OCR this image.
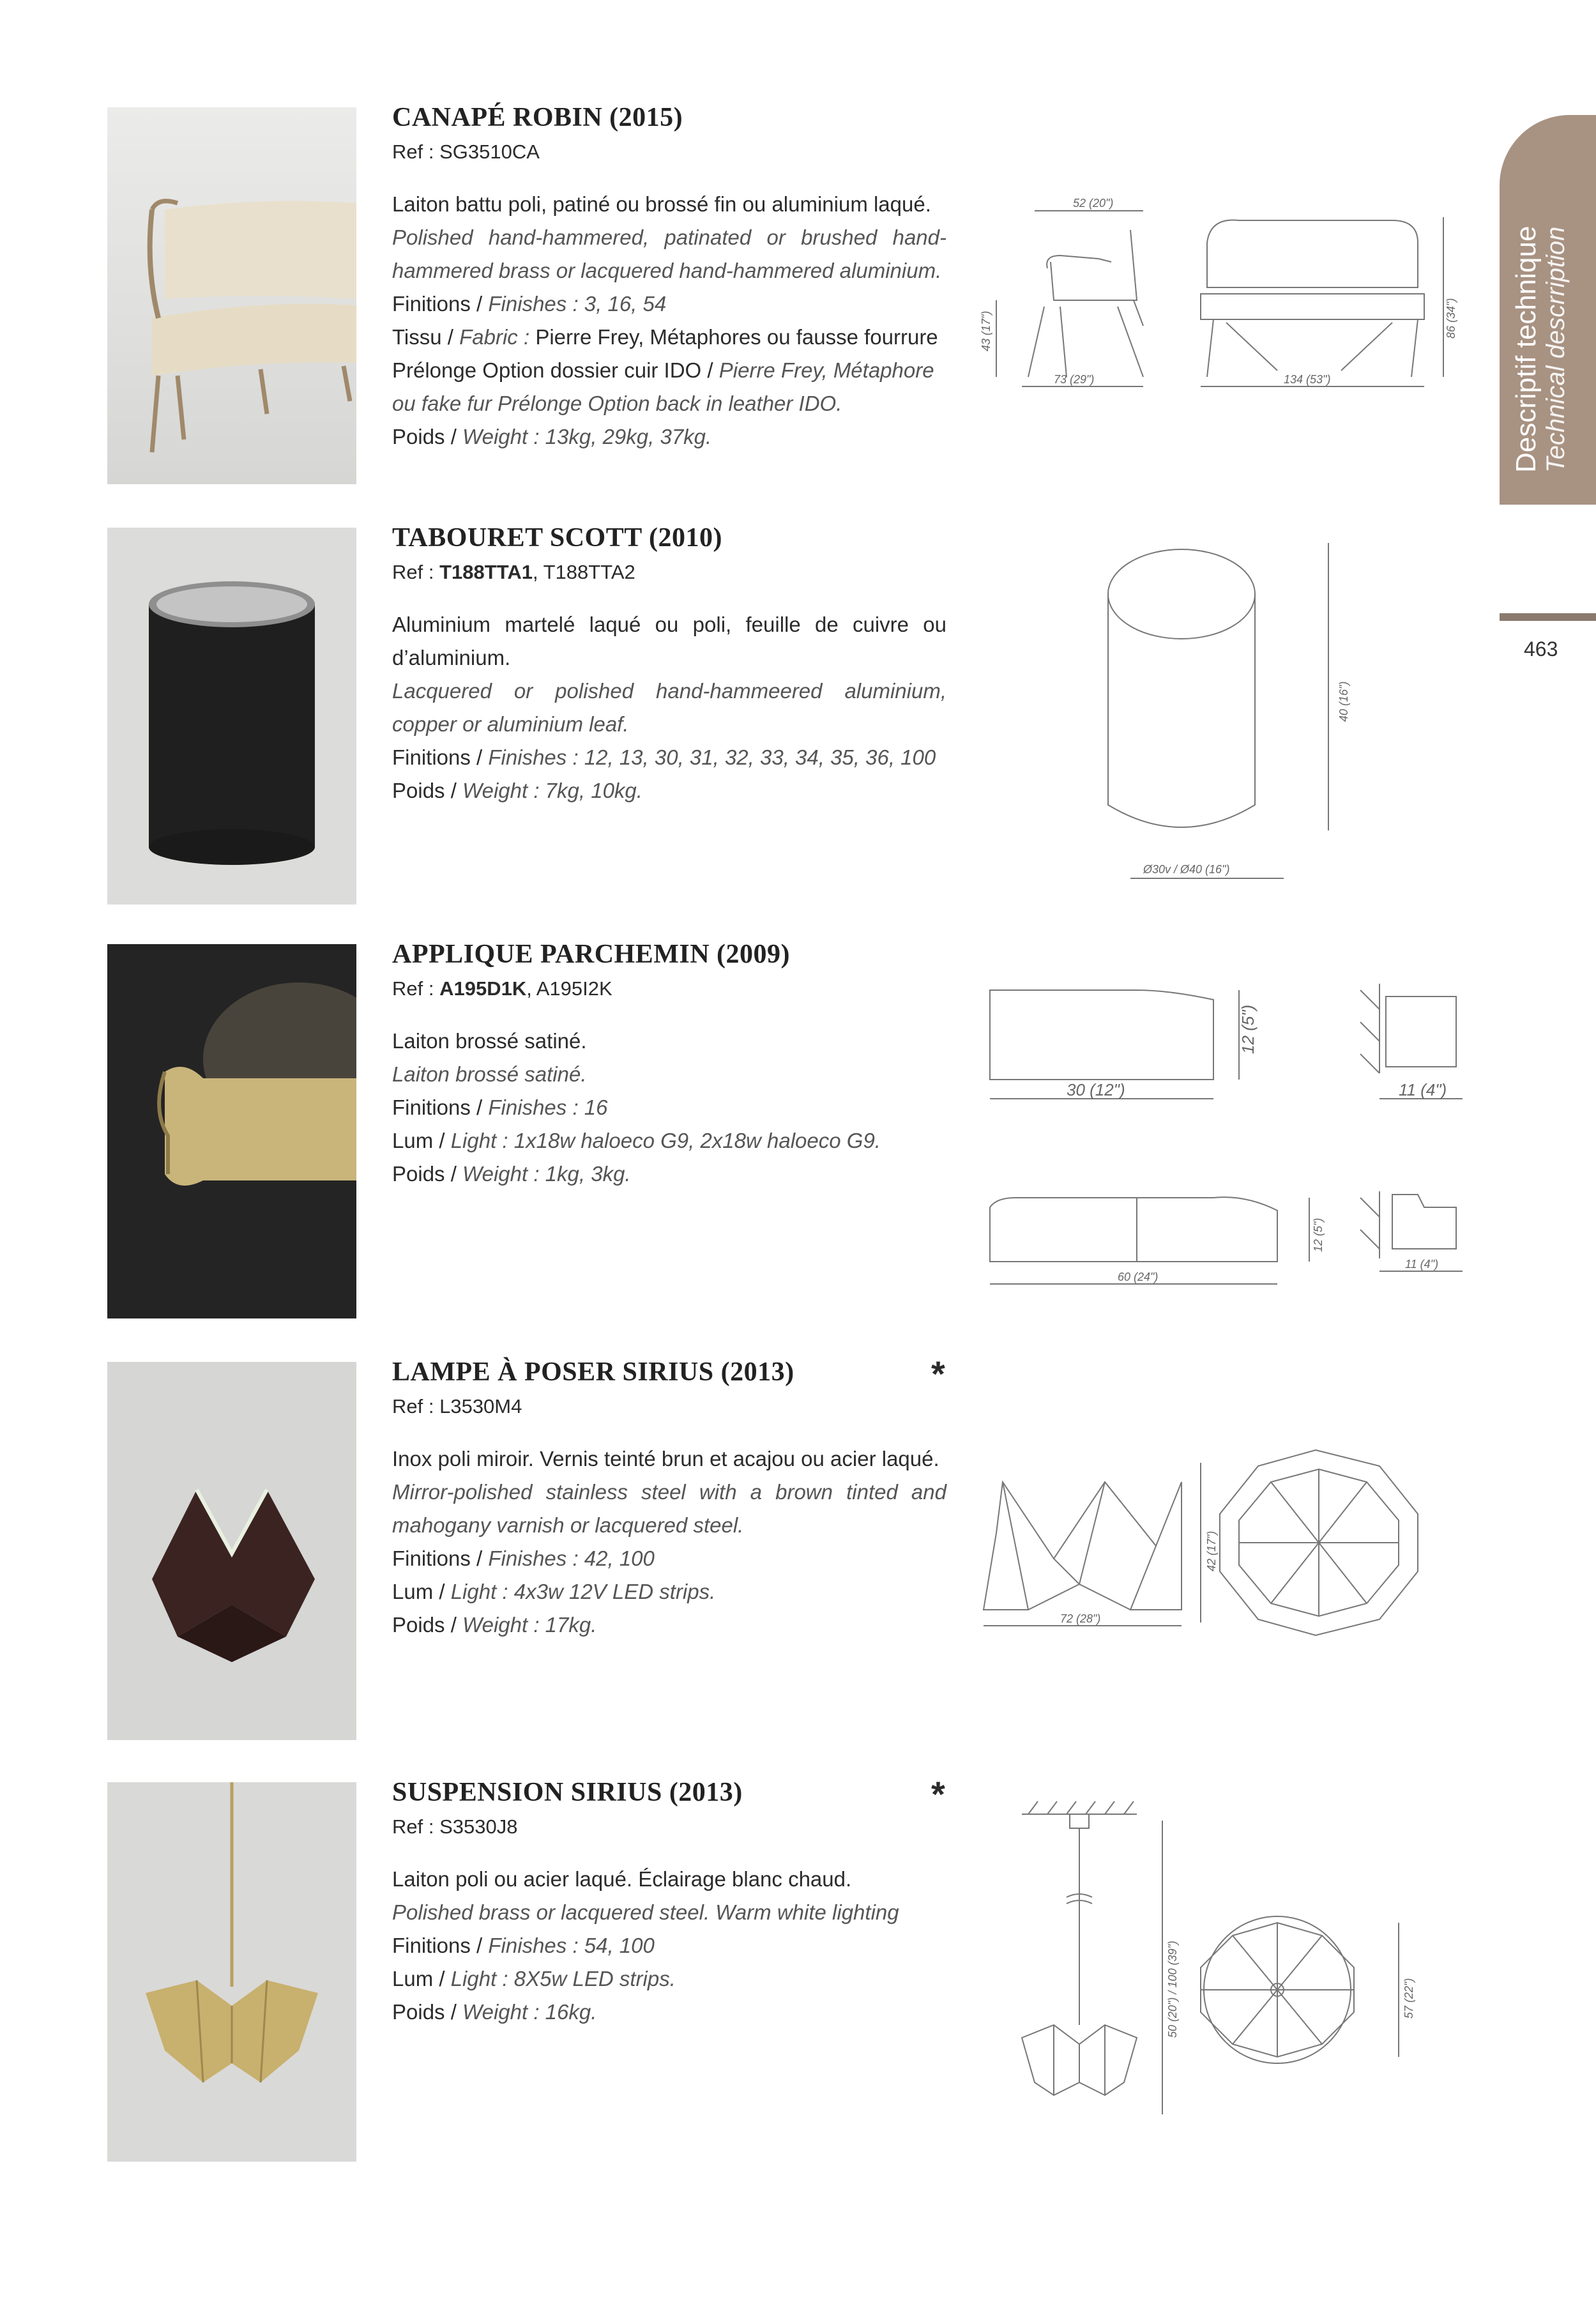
Descriptif technique Technical descrription
463
CANAPÉ ROBIN (2015)
Ref : SG3510CA

Laiton battu poli, patiné ou brossé fin ou aluminium laqué.

Polished hand-hammered, patinated or brushed hand-hammered brass or lacquered hand-hammered aluminium.

Finitions / Finishes : 3, 16, 54

Tissu / Fabric : Pierre Frey, Métaphores ou fausse fourrure

Prélonge Option dossier cuir IDO / Pierre Frey, Métaphore ou fake fur Prélonge Option back in leather IDO.

Poids / Weight : 13kg, 29kg, 37kg.

52 (20")
43 (17")
73 (29")	134 (53")
86 (34")
TABOURET SCOTT (2010)
Ref : T188TTA1, T188TTA2

Aluminium martelé laqué ou poli, feuille de cuivre ou d’aluminium.

Lacquered or polished hand-hammeered aluminium, copper or aluminium leaf.

Finitions / Finishes : 12, 13, 30, 31, 32, 33, 34, 35, 36, 100

Poids / Weight : 7kg, 10kg.

40 (16")
Ø30v / Ø40 (16")
APPLIQUE PARCHEMIN (2009)
Ref : A195D1K, A195I2K

Laiton brossé satiné.

Laiton brossé satiné.

Finitions / Finishes : 16

Lum / Light : 1x18w haloeco G9, 2x18w haloeco G9.

Poids / Weight : 1kg, 3kg.

12 (5")
30 (12")	11 (4")
12 (5")
60 (24")
11 (4")
LAMPE À POSER SIRIUS (2013)
Ref : L3530M4

Inox poli miroir. Vernis teinté brun et acajou ou acier laqué.

Mirror-polished stainless steel with a brown tinted and mahogany varnish or lacquered steel.

Finitions / Finishes : 42, 100

Lum / Light : 4x3w 12V LED strips.

Poids / Weight : 17kg.

*
42 (17")
72 (28")
SUSPENSION SIRIUS (2013)
Ref : S3530J8

Laiton poli ou acier laqué. Éclairage blanc chaud.

Polished brass or lacquered steel. Warm white lighting

Finitions / Finishes : 54, 100

Lum / Light : 8X5w LED strips.

Poids / Weight : 16kg.

*
50 (20") / 100 (39")	57 (22")
